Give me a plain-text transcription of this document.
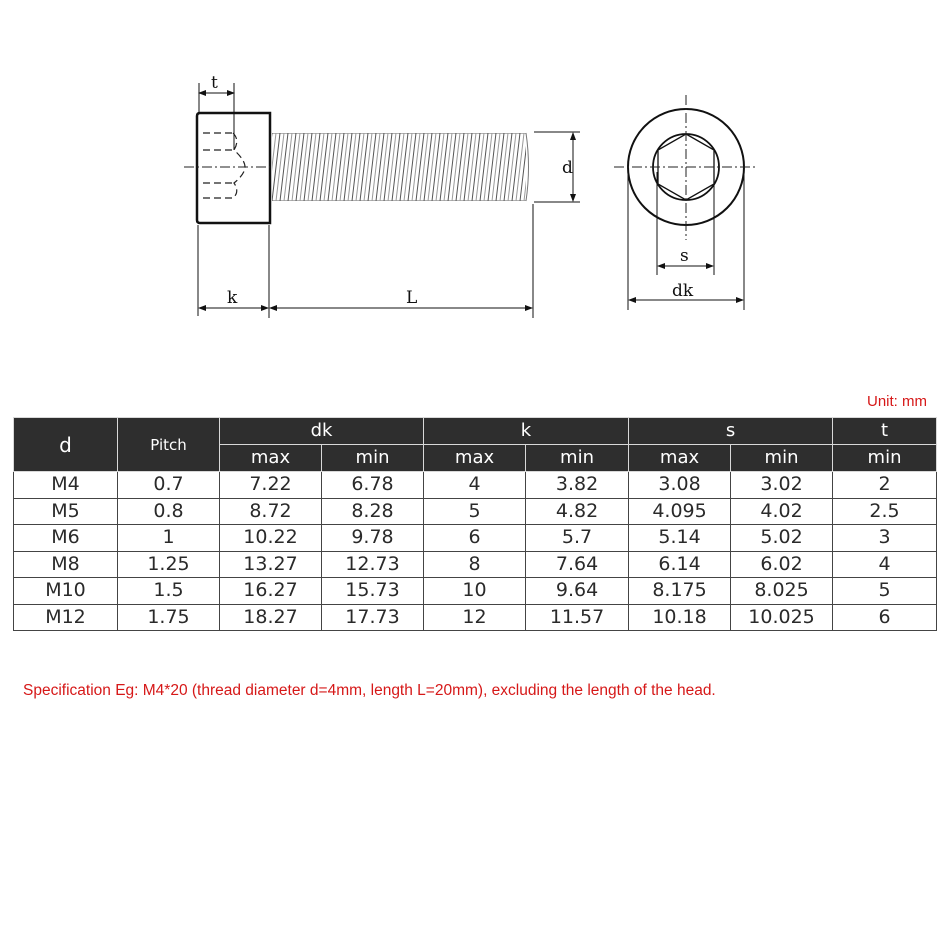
t
d
k	L
s
dk
Unit: mm
d	Pitch	dk		k		s		t
		max	min	max	min	max	min	min
M4	0.7	7.22	6.78	4	3.82	3.08	3.02	2
M5	0.8	8.72	8.28	5	4.82	4.095	4.02	2.5
M6	1	10.22	9.78	6	5.7	5.14	5.02	3
M8	1.25	13.27	12.73	8	7.64	6.14	6.02	4
M10	1.5	16.27	15.73	10	9.64	8.175	8.025	5
M12	1.75	18.27	17.73	12	11.57	10.18	10.025	6
Specification Eg: M4*20 (thread diameter d=4mm, length L=20mm), excluding the length of the head.
